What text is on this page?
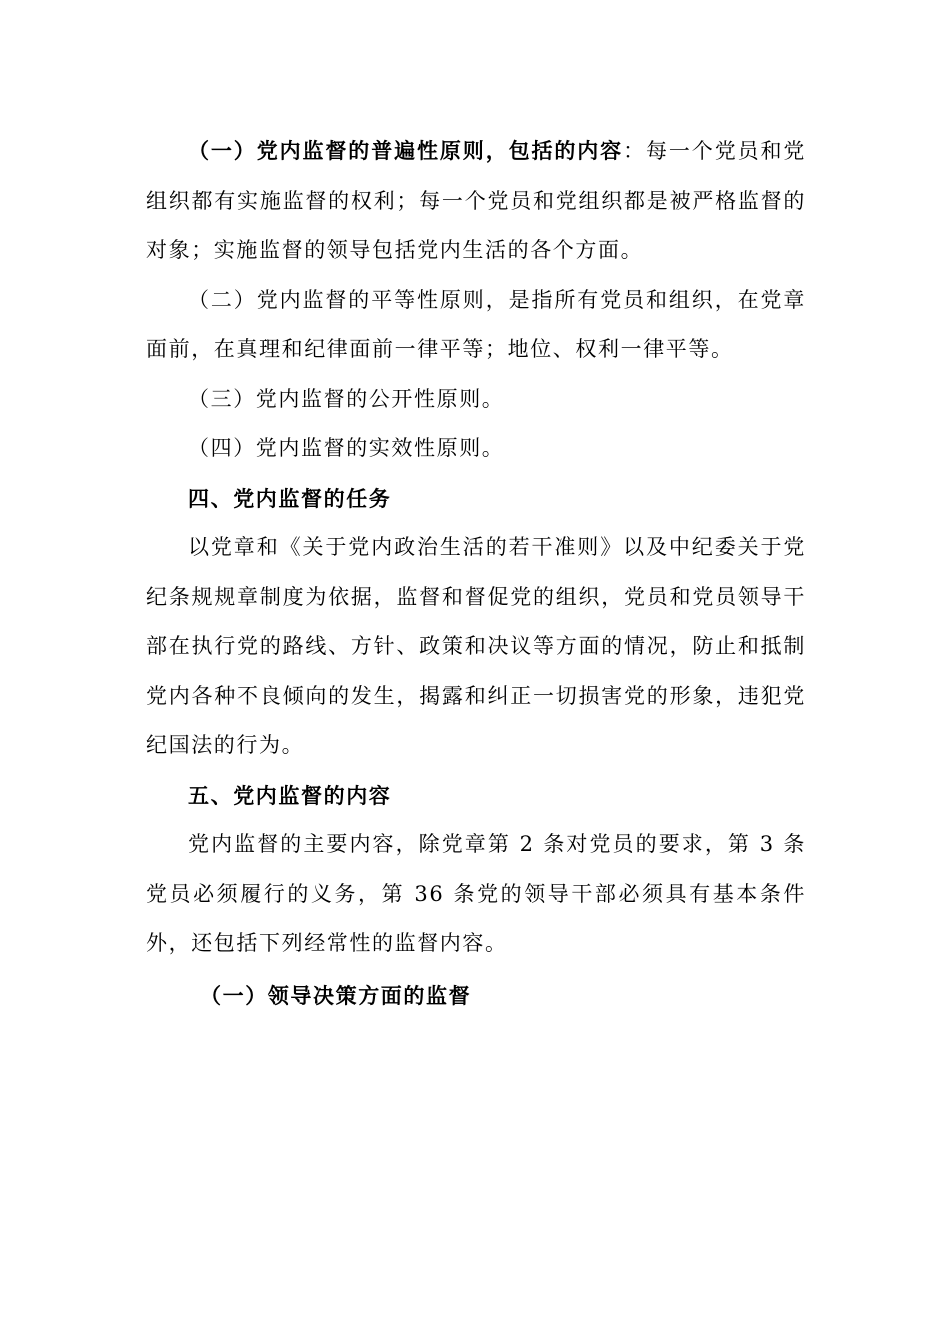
（一）党内监督的普遍性原则，包括的内容：每一个党员和党组织都有实施监督的权利；每一个党员和党组织都是被严格监督的对象；实施监督的领导包括党内生活的各个方面。

（二）党内监督的平等性原则，是指所有党员和组织，在党章面前，在真理和纪律面前一律平等；地位、权利一律平等。

（三）党内监督的公开性原则。

（四）党内监督的实效性原则。

四、党内监督的任务

以党章和《关于党内政治生活的若干准则》以及中纪委关于党纪条规规章制度为依据，监督和督促党的组织，党员和党员领导干部在执行党的路线、方针、政策和决议等方面的情况，防止和抵制党内各种不良倾向的发生，揭露和纠正一切损害党的形象，违犯党纪国法的行为。

五、党内监督的内容

党内监督的主要内容，除党章第 2 条对党员的要求，第 3 条党员必须履行的义务，第 36 条党的领导干部必须具有基本条件外，还包括下列经常性的监督内容。

（一）领导决策方面的监督
